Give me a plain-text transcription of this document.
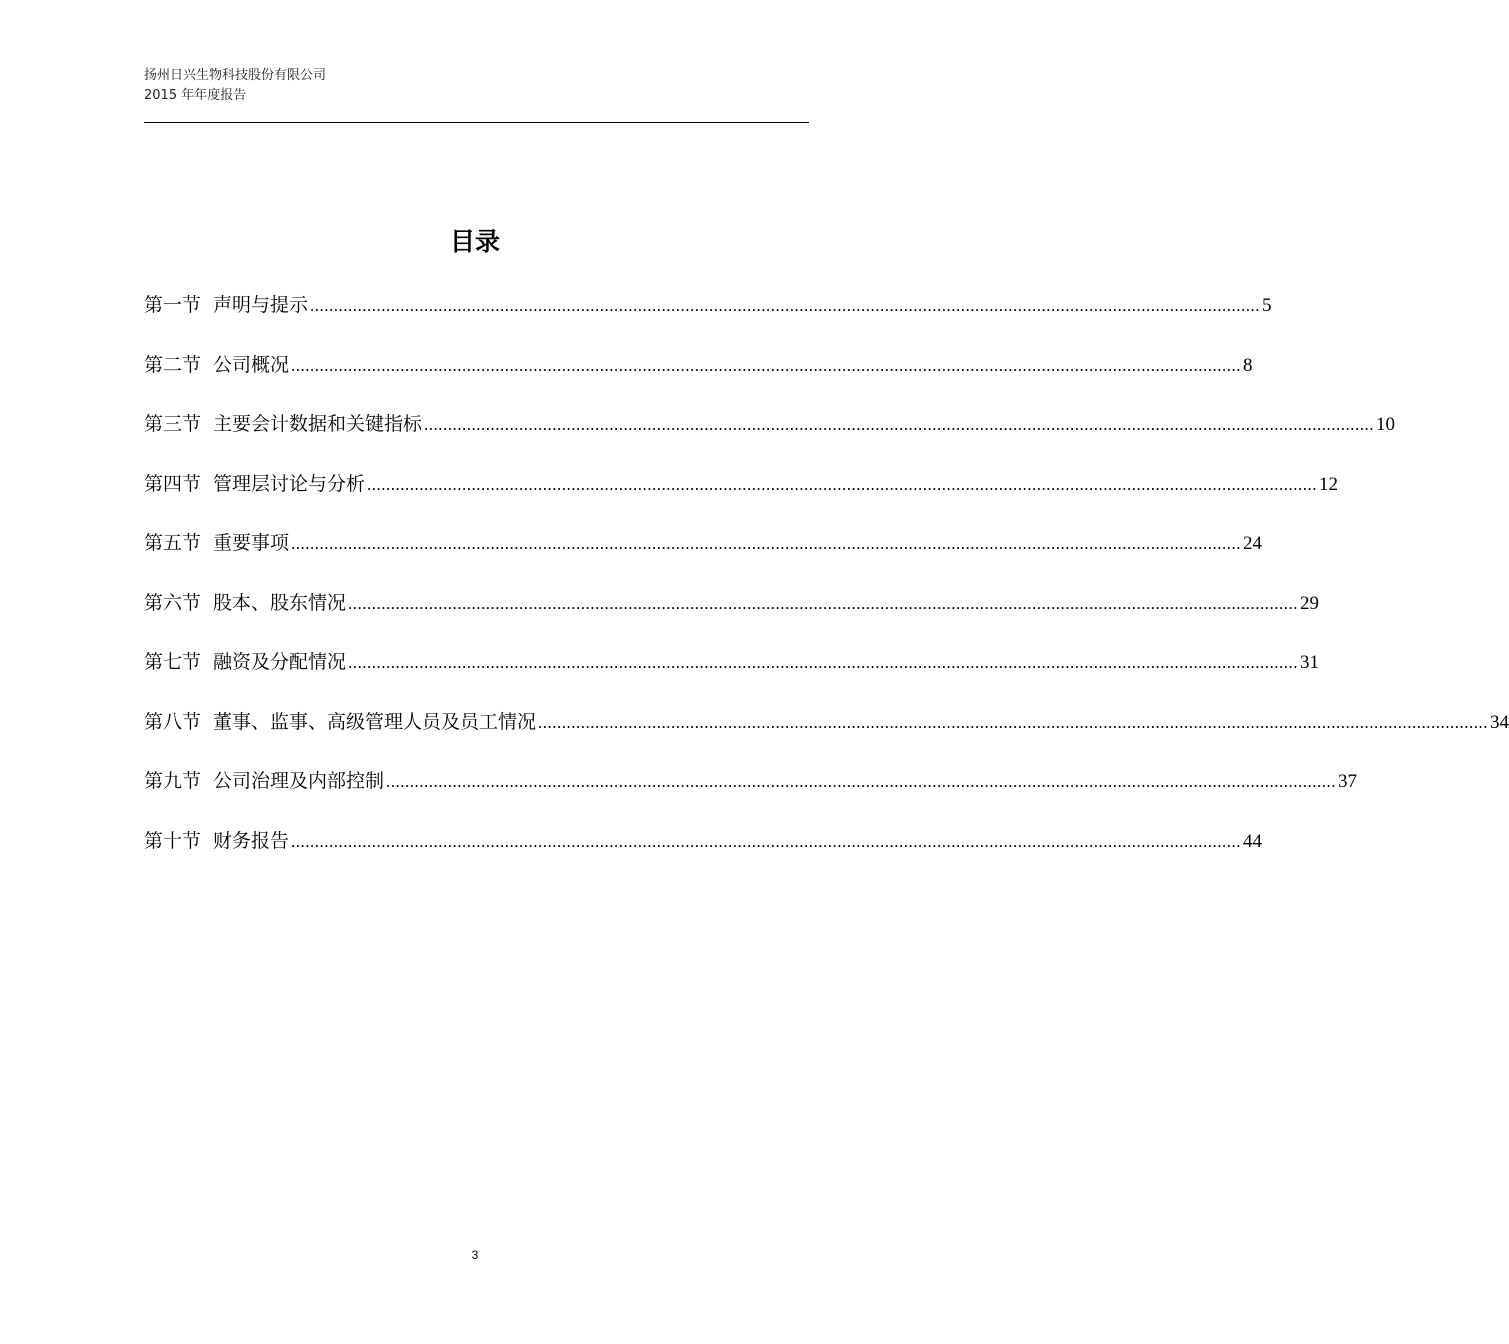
扬州日兴生物科技股份有限公司
2015 年年度报告
目录
第一节 声明与提示 ........................................................................................................................................................................................................ 5
第二节 公司概况 ........................................................................................................................................................................................................ 8
第三节 主要会计数据和关键指标 ........................................................................................................................................................................................................ 10
第四节 管理层讨论与分析 ........................................................................................................................................................................................................ 12
第五节 重要事项 ........................................................................................................................................................................................................ 24
第六节 股本、股东情况 ........................................................................................................................................................................................................ 29
第七节 融资及分配情况 ........................................................................................................................................................................................................ 31
第八节 董事、监事、高级管理人员及员工情况 ........................................................................................................................................................................................................ 34
第九节 公司治理及内部控制 ........................................................................................................................................................................................................ 37
第十节 财务报告 ........................................................................................................................................................................................................ 44
3
